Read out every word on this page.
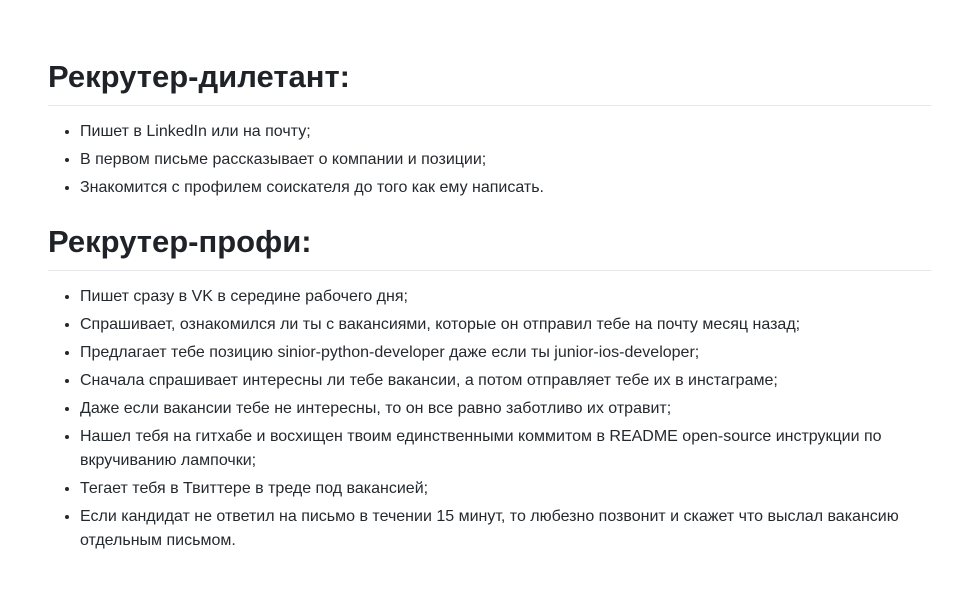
Рекрутер-дилетант:
• Пишет в LinkedIn или на почту;
• В первом письме рассказывает о компании и позиции;
• Знакомится с профилем соискателя до того как ему написать.
Рекрутер-профи:
• Пишет сразу в VK в середине рабочего дня;
• Спрашивает, ознакомился ли ты с вакансиями, которые он отправил тебе на почту месяц назад;
• Предлагает тебе позицию sinior-python-developer даже если ты junior-ios-developer;
• Сначала спрашивает интересны ли тебе вакансии, а потом отправляет тебе их в инстаграме;
• Даже если вакансии тебе не интересны, то он все равно заботливо их отравит;
• Нашел тебя на гитхабе и восхищен твоим единственными коммитом в README open-source инструкции по вкручиванию лампочки;
• Тегает тебя в Твиттере в треде под вакансией;
• Если кандидат не ответил на письмо в течении 15 минут, то любезно позвонит и скажет что выслал вакансию отдельным письмом.
